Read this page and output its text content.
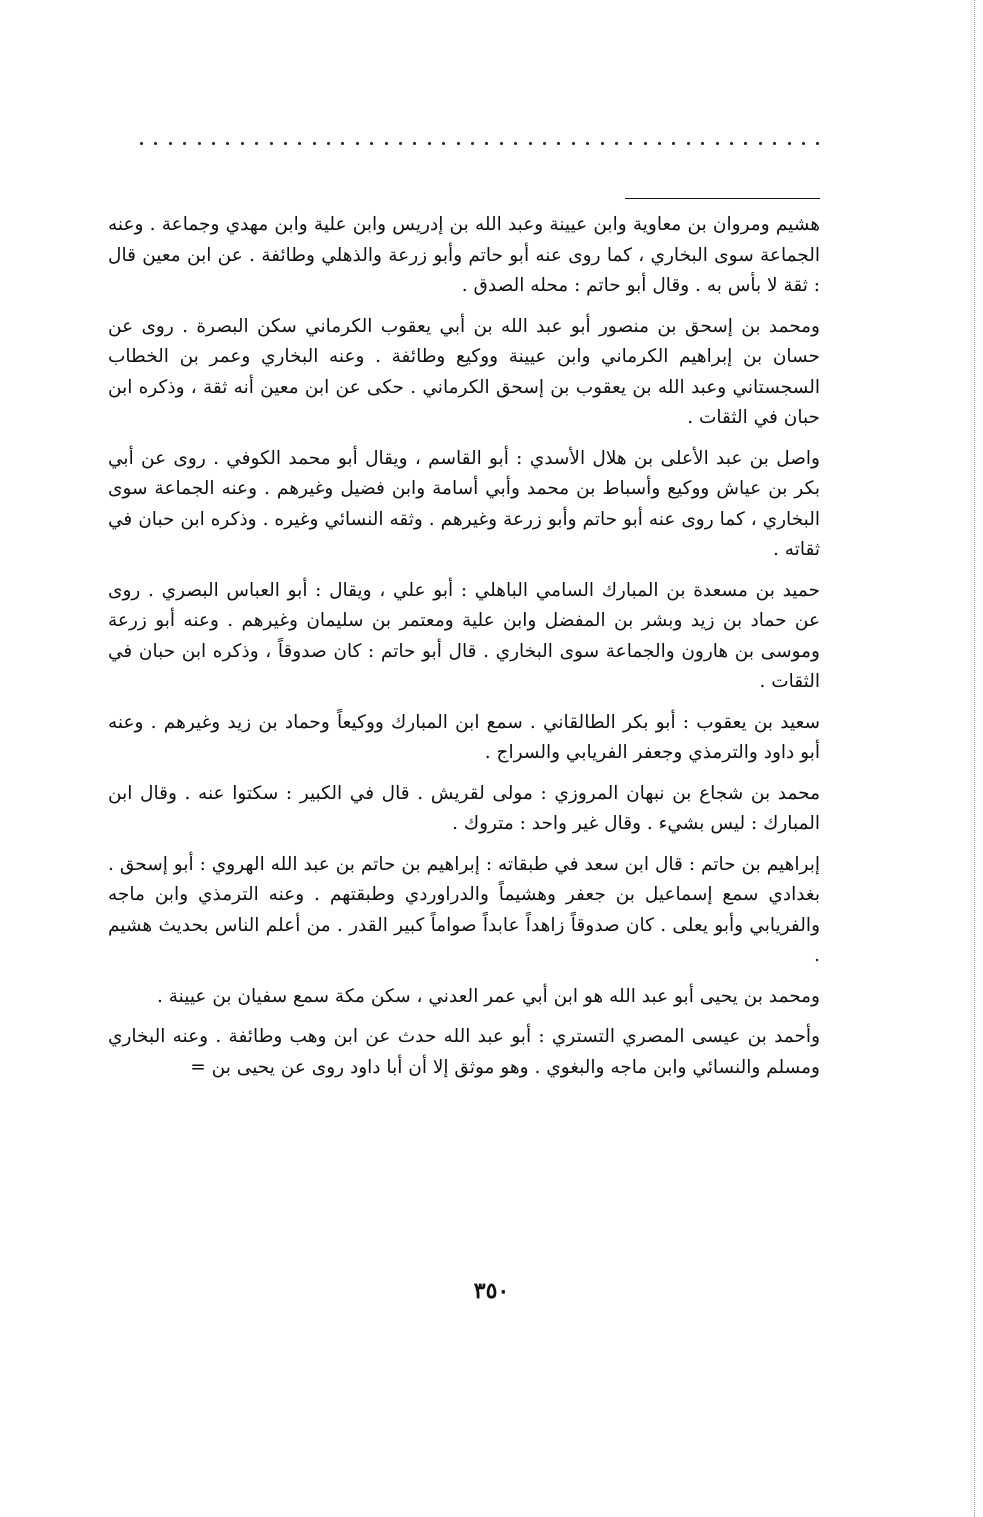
هشيم ومروان بن معاوية وابن عيينة وعبد الله بن إدريس وابن علية وابن مهدي وجماعة . وعنه الجماعة سوى البخاري ، كما روى عنه أبو حاتم وأبو زرعة والذهلي وطائفة . عن ابن معين قال : ثقة لا بأس به . وقال أبو حاتم : محله الصدق .

ومحمد بن إسحق بن منصور أبو عبد الله بن أبي يعقوب الكرماني سكن البصرة . روى عن حسان بن إبراهيم الكرماني وابن عيينة ووكيع وطائفة . وعنه البخاري وعمر بن الخطاب السجستاني وعبد الله بن يعقوب بن إسحق الكرماني . حكى عن ابن معين أنه ثقة ، وذكره ابن حبان في الثقات .

واصل بن عبد الأعلى بن هلال الأسدي : أبو القاسم ، ويقال أبو محمد الكوفي . روى عن أبي بكر بن عياش ووكيع وأسباط بن محمد وأبي أسامة وابن فضيل وغيرهم . وعنه الجماعة سوى البخاري ، كما روى عنه أبو حاتم وأبو زرعة وغيرهم . وثقه النسائي وغيره . وذكره ابن حبان في ثقاته .

حميد بن مسعدة بن المبارك السامي الباهلي : أبو علي ، ويقال : أبو العباس البصري . روى عن حماد بن زيد وبشر بن المفضل وابن علية ومعتمر بن سليمان وغيرهم . وعنه أبو زرعة وموسى بن هارون والجماعة سوى البخاري . قال أبو حاتم : كان صدوقاً ، وذكره ابن حبان في الثقات .

سعيد بن يعقوب : أبو بكر الطالقاني . سمع ابن المبارك ووكيعاً وحماد بن زيد وغيرهم . وعنه أبو داود والترمذي وجعفر الفريابي والسراج .

محمد بن شجاع بن نبهان المروزي : مولى لقريش . قال في الكبير : سكتوا عنه . وقال ابن المبارك : ليس بشيء . وقال غير واحد : متروك .

إبراهيم بن حاتم : قال ابن سعد في طبقاته : إبراهيم بن حاتم بن عبد الله الهروي : أبو إسحق . بغدادي سمع إسماعيل بن جعفر وهشيماً والدراوردي وطبقتهم . وعنه الترمذي وابن ماجه والفريابي وأبو يعلى . كان صدوقاً زاهداً عابداً صواماً كبير القدر . من أعلم الناس بحديث هشيم .

ومحمد بن يحيى أبو عبد الله هو ابن أبي عمر العدني ، سكن مكة سمع سفيان بن عيينة .

وأحمد بن عيسى المصري التستري : أبو عبد الله حدث عن ابن وهب وطائفة . وعنه البخاري ومسلم والنسائي وابن ماجه والبغوي . وهو موثق إلا أن أبا داود روى عن يحيى بن =

٣٥٠
